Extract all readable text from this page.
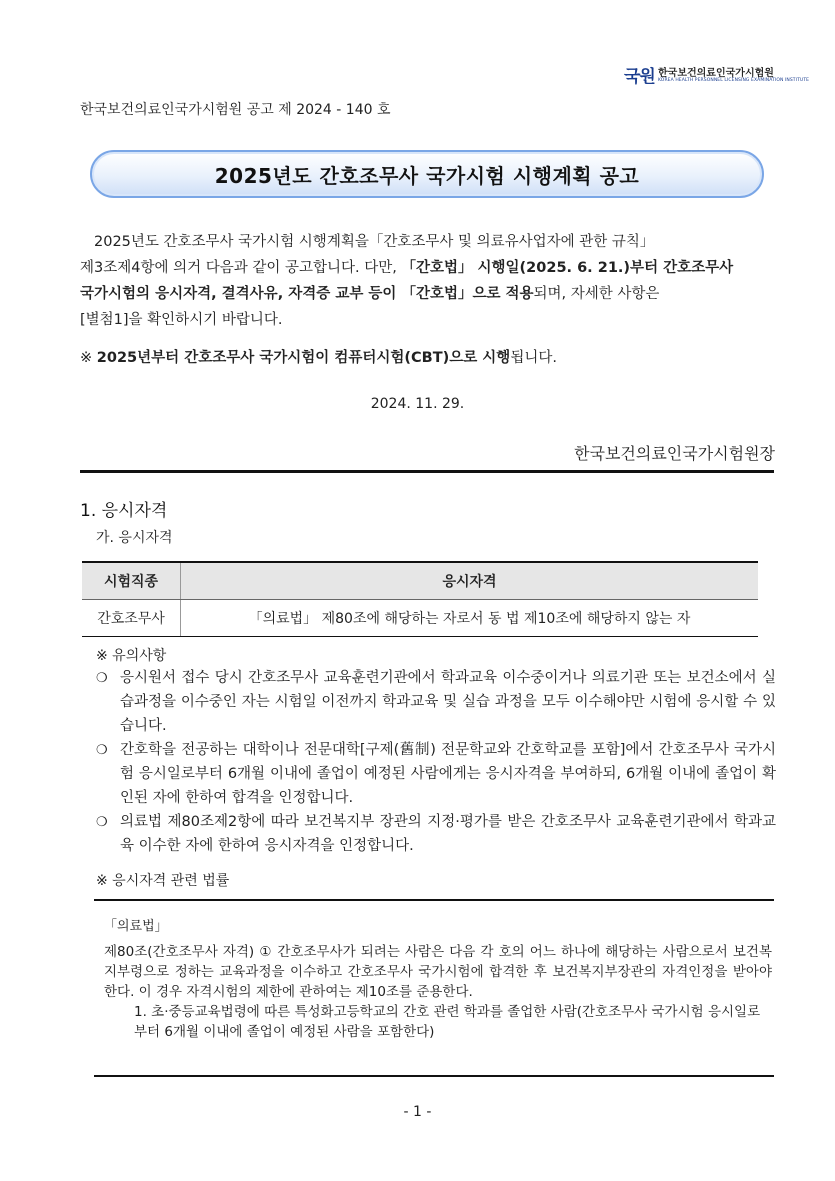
국원 한국보건의료인국가시험원
KOREA HEALTH PERSONNEL LICENSING EXAMINATION INSTITUTE
한국보건의료인국가시험원 공고 제 2024 - 140 호
2025년도 간호조무사 국가시험 시행계획 공고

2025년도 간호조무사 국가시험 시행계획을「간호조무사 및 의료유사업자에 관한 규칙」

제3조제4항에 의거 다음과 같이 공고합니다. 다만, 「간호법」 시행일(2025. 6. 21.)부터 간호조무사

국가시험의 응시자격, 결격사유, 자격증 교부 등이 「간호법」으로 적용되며, 자세한 사항은

[별첨1]을 확인하시기 바랍니다.

※ 2025년부터 간호조무사 국가시험이 컴퓨터시험(CBT)으로 시행됩니다.
2024. 11. 29.
한국보건의료인국가시험원장
1. 응시자격
가. 응시자격
시험직종	응시자격
간호조무사	「의료법」 제80조에 해당하는 자로서 동 법 제10조에 해당하지 않는 자
※ 유의사항
❍ 응시원서 접수 당시 간호조무사 교육훈련기관에서 학과교육 이수중이거나 의료기관 또는 보건소에서 실습과정을 이수중인 자는 시험일 이전까지 학과교육 및 실습 과정을 모두 이수해야만 시험에 응시할 수 있습니다.
❍ 간호학을 전공하는 대학이나 전문대학[구제(舊制) 전문학교와 간호학교를 포함]에서 간호조무사 국가시험 응시일로부터 6개월 이내에 졸업이 예정된 사람에게는 응시자격을 부여하되, 6개월 이내에 졸업이 확인된 자에 한하여 합격을 인정합니다.
❍ 의료법 제80조제2항에 따라 보건복지부 장관의 지정·평가를 받은 간호조무사 교육훈련기관에서 학과교육 이수한 자에 한하여 응시자격을 인정합니다.
※ 응시자격 관련 법률
「의료법」
제80조(간호조무사 자격) ① 간호조무사가 되려는 사람은 다음 각 호의 어느 하나에 해당하는 사람으로서 보건복지부령으로 정하는 교육과정을 이수하고 간호조무사 국가시험에 합격한 후 보건복지부장관의 자격인정을 받아야 한다. 이 경우 자격시험의 제한에 관하여는 제10조를 준용한다.
1. 초·중등교육법령에 따른 특성화고등학교의 간호 관련 학과를 졸업한 사람(간호조무사 국가시험 응시일로부터 6개월 이내에 졸업이 예정된 사람을 포함한다)
- 1 -
